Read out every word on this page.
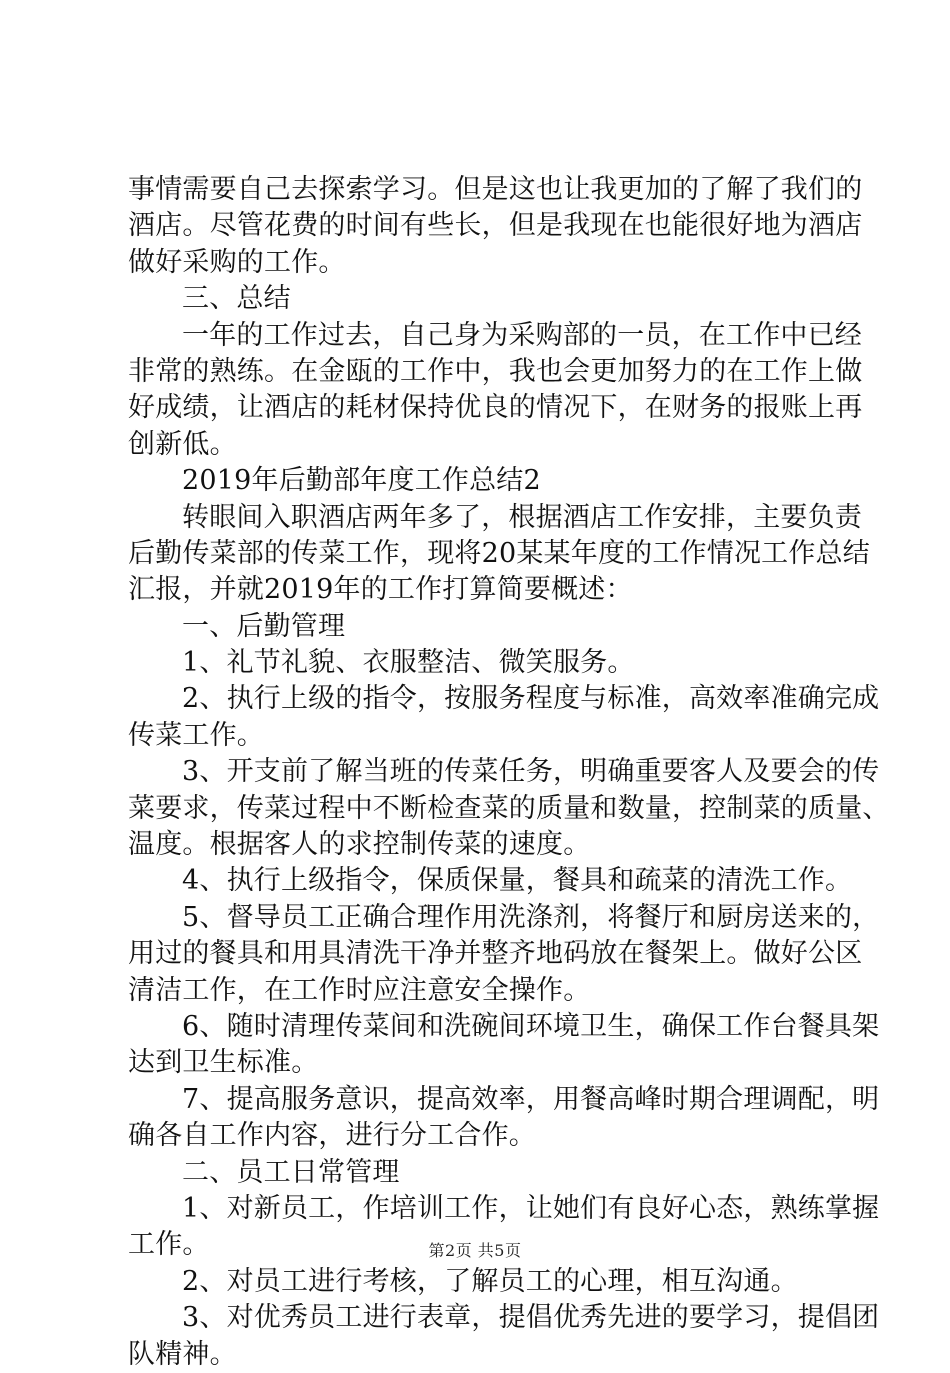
事情需要自己去探索学习。但是这也让我更加的了解了我们的
酒店。尽管花费的时间有些长，但是我现在也能很好地为酒店
做好采购的工作。
三、总结
一年的工作过去，自己身为采购部的一员，在工作中已经
非常的熟练。在金瓯的工作中，我也会更加努力的在工作上做
好成绩，让酒店的耗材保持优良的情况下，在财务的报账上再
创新低。
2019年后勤部年度工作总结2
转眼间入职酒店两年多了，根据酒店工作安排，主要负责
后勤传菜部的传菜工作，现将20某某年度的工作情况工作总结
汇报，并就2019年的工作打算简要概述：
一、后勤管理
1、礼节礼貌、衣服整洁、微笑服务。
2、执行上级的指令，按服务程度与标准，高效率准确完成
传菜工作。
3、开支前了解当班的传菜任务，明确重要客人及要会的传
菜要求，传菜过程中不断检查菜的质量和数量，控制菜的质量、
温度。根据客人的求控制传菜的速度。
4、执行上级指令，保质保量，餐具和疏菜的清洗工作。
5、督导员工正确合理作用洗涤剂，将餐厅和厨房送来的，
用过的餐具和用具清洗干净并整齐地码放在餐架上。做好公区
清洁工作，在工作时应注意安全操作。
6、随时清理传菜间和洗碗间环境卫生，确保工作台餐具架
达到卫生标准。
7、提高服务意识，提高效率，用餐高峰时期合理调配，明
确各自工作内容，进行分工合作。
二、员工日常管理
1、对新员工，作培训工作，让她们有良好心态，熟练掌握
工作。
2、对员工进行考核，了解员工的心理，相互沟通。
3、对优秀员工进行表章，提倡优秀先进的要学习，提倡团
队精神。
第2页 共5页
